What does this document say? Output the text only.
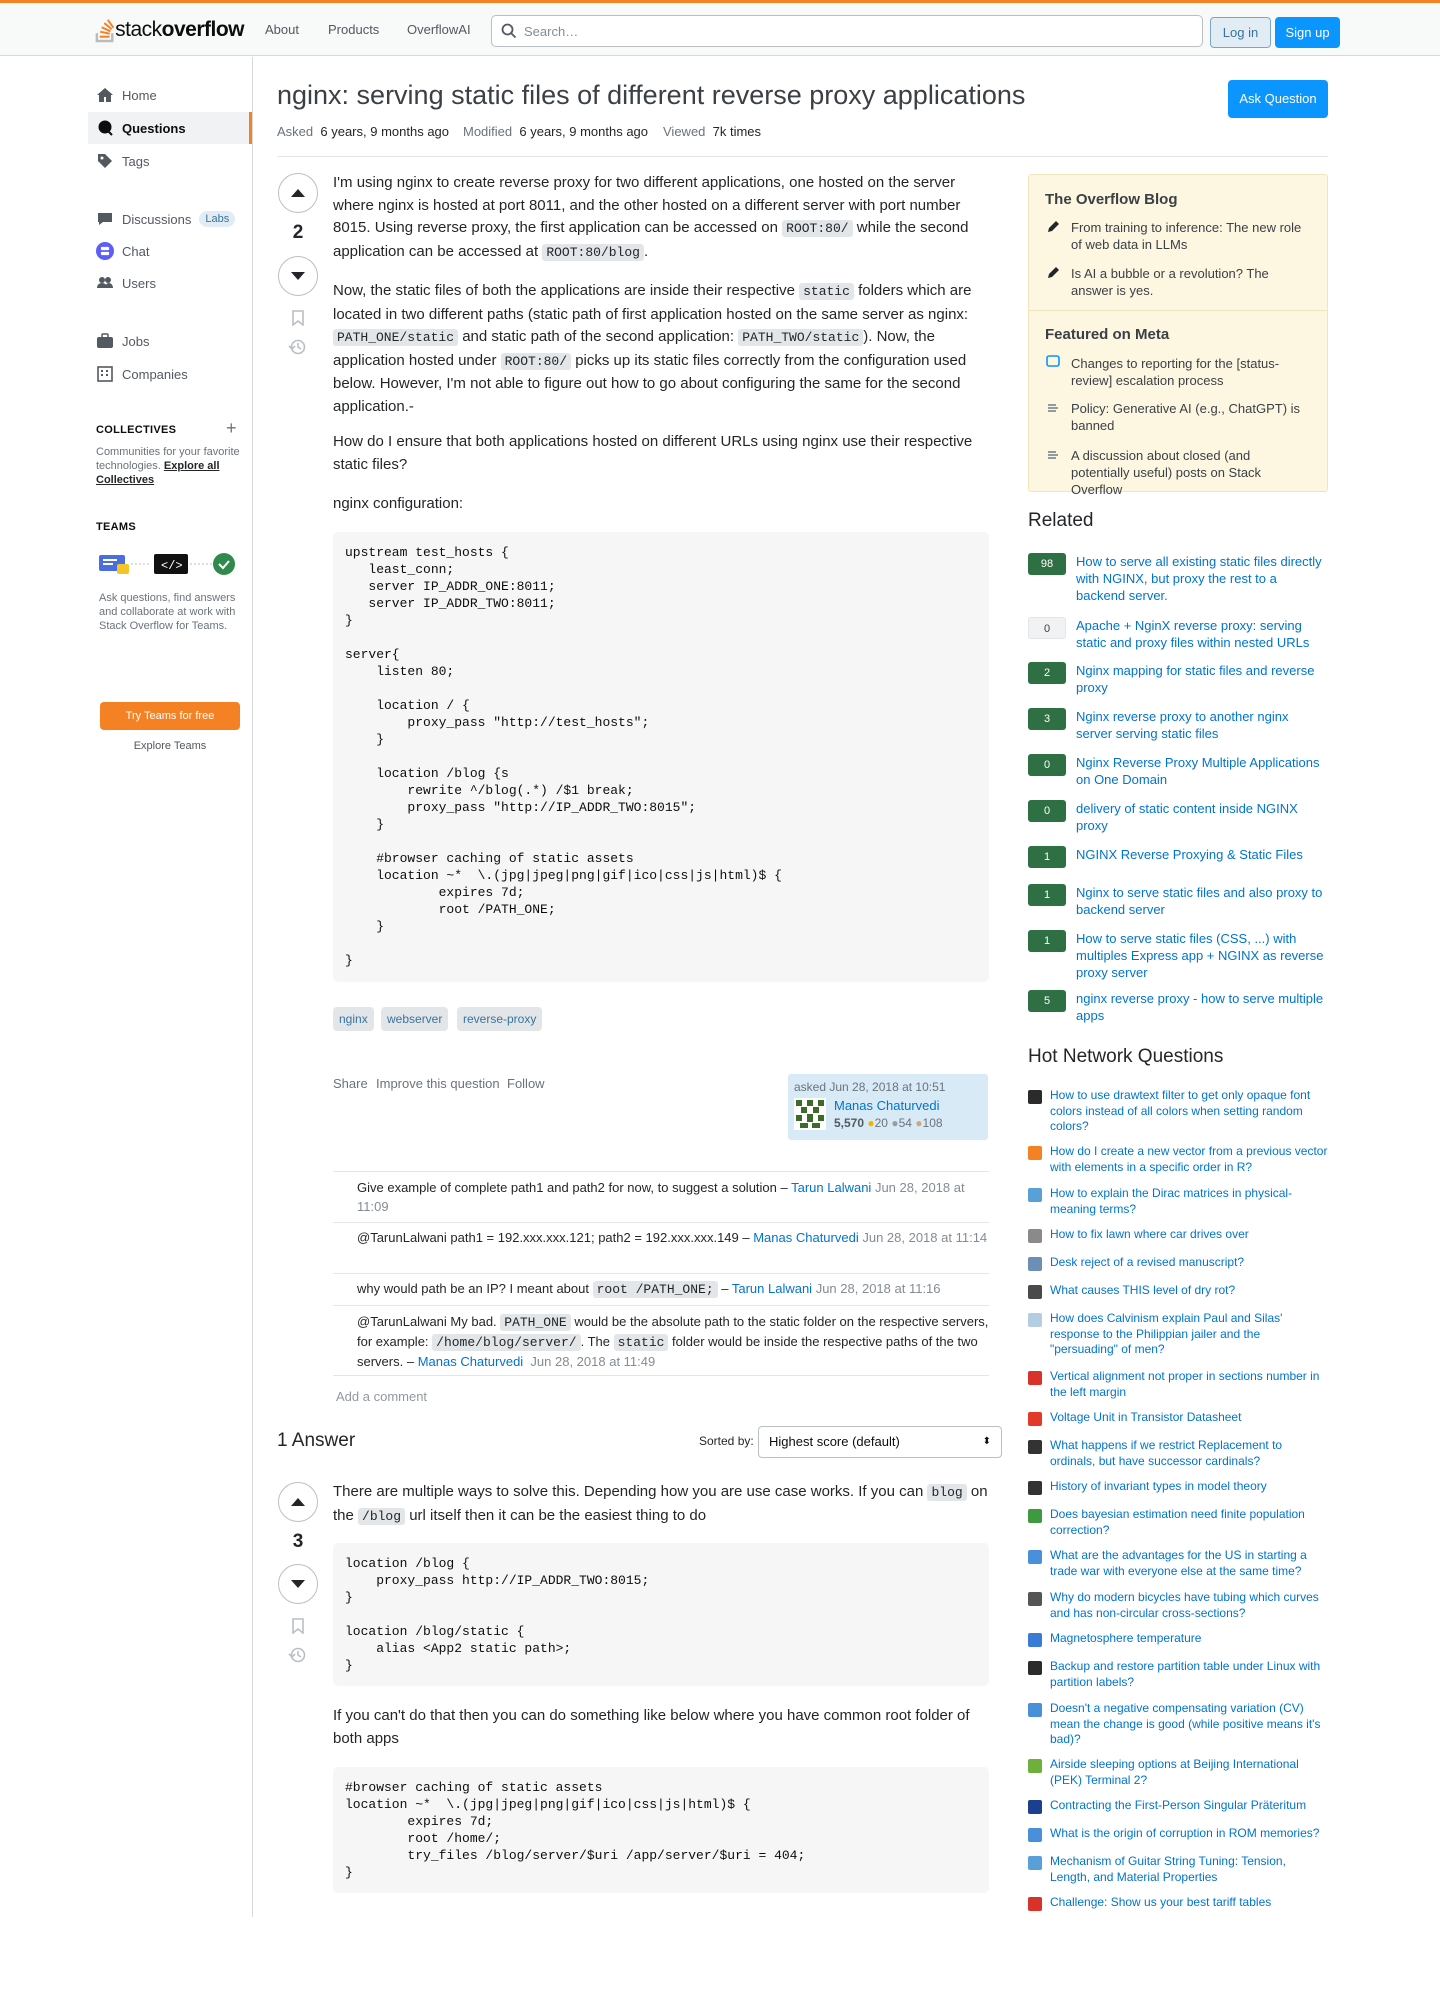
stackoverflow About Products OverflowAI
Search…	Log in	Sign up
Home
Questions
Tags
Discussions	Labs
Chat
Users
Jobs
Companies
COLLECTIVES	+
Communities for your favorite technologies. Explore all Collectives
TEAMS
</>
Ask questions, find answers and collaborate at work with Stack Overflow for Teams.
Try Teams for free
Explore Teams
nginx: serving static files of different reverse proxy applications	Ask Question
Asked 6 years, 9 months ago Modified 6 years, 9 months ago Viewed 7k times
2

I'm using nginx to create reverse proxy for two different applications, one hosted on the server where nginx is hosted at port 8011, and the other hosted on a different server with port number 8015. Using reverse proxy, the first application can be accessed on ROOT:80/ while the second application can be accessed at ROOT:80/blog .

Now, the static files of both the applications are inside their respective static folders which are located in two different paths (static path of first application hosted on the same server as nginx: PATH_ONE/static and static path of the second application: PATH_TWO/static ). Now, the application hosted under ROOT:80/ picks up its static files correctly from the configuration used below. However, I'm not able to figure out how to go about configuring the same for the second application.-

How do I ensure that both applications hosted on different URLs using nginx use their respective static files?

nginx configuration:

upstream test_hosts {
least_conn;
server IP_ADDR_ONE:8011;
server IP_ADDR_TWO:8011;
}

server{
listen 80;

location / {
proxy_pass "http://test_hosts";
}

location /blog {s
rewrite ^/blog(.*) /$1 break;
proxy_pass "http://IP_ADDR_TWO:8015";
}

#browser caching of static assets
location ~*  \.(jpg|jpeg|png|gif|ico|css|js|html)$ {
expires 7d;
root /PATH_ONE;
}

}
nginx	webserver	reverse-proxy
Share Improve this question Follow	asked Jun 28, 2018 at 10:51
Manas Chaturvedi
5,570 ●20 ●54 ●108
Give example of complete path1 and path2 for now, to suggest a solution – Tarun Lalwani Jun 28, 2018 at 11:09
@TarunLalwani path1 = 192.xxx.xxx.121; path2 = 192.xxx.xxx.149 – Manas Chaturvedi Jun 28, 2018 at 11:14
why would path be an IP? I meant about root /PATH_ONE; – Tarun Lalwani Jun 28, 2018 at 11:16
@TarunLalwani My bad. PATH_ONE would be the absolute path to the static folder on the respective servers, for example: /home/blog/server/ . The static folder would be inside the respective paths of the two servers. – Manas Chaturvedi Jun 28, 2018 at 11:49
Add a comment
1 Answer	Sorted by:	Highest score (default)	⬍
3

There are multiple ways to solve this. Depending how you are use case works. If you can blog on the /blog url itself then it can be the easiest thing to do

If you can't do that then you can do something like below where you have common root folder of both apps

location /blog {
proxy_pass http://IP_ADDR_TWO:8015;
}

location /blog/static {
alias <App2 static path>;
}
#browser caching of static assets
location ~*  \.(jpg|jpeg|png|gif|ico|css|js|html)$ {
expires 7d;
root /home/;
try_files /blog/server/$uri /app/server/$uri = 404;
}
The Overflow Blog
From training to inference: The new role of web data in LLMs
Is AI a bubble or a revolution? The answer is yes.
Featured on Meta
Changes to reporting for the [status-review] escalation process
Policy: Generative AI (e.g., ChatGPT) is banned
A discussion about closed (and potentially useful) posts on Stack Overflow
Related
98	How to serve all existing static files directly with NGINX, but proxy the rest to a backend server.
0	Apache + NginX reverse proxy: serving static and proxy files within nested URLs
2	Nginx mapping for static files and reverse proxy
3	Nginx reverse proxy to another nginx server serving static files
0	Nginx Reverse Proxy Multiple Applications on One Domain
0	delivery of static content inside NGINX proxy
1	NGINX Reverse Proxying & Static Files
1	Nginx to serve static files and also proxy to backend server
1	How to serve static files (CSS, ...) with multiples Express app + NGINX as reverse proxy server
5	nginx reverse proxy - how to serve multiple apps
Hot Network Questions
How to use drawtext filter to get only opaque font colors instead of all colors when setting random colors?
How do I create a new vector from a previous vector with elements in a specific order in R?
How to explain the Dirac matrices in physical-meaning terms?
How to fix lawn where car drives over
Desk reject of a revised manuscript?
What causes THIS level of dry rot?
How does Calvinism explain Paul and Silas' response to the Philippian jailer and the "persuading" of men?
Vertical alignment not proper in sections number in the left margin
Voltage Unit in Transistor Datasheet
What happens if we restrict Replacement to ordinals, but have successor cardinals?
History of invariant types in model theory
Does bayesian estimation need finite population correction?
What are the advantages for the US in starting a trade war with everyone else at the same time?
Why do modern bicycles have tubing which curves and has non-circular cross-sections?
Magnetosphere temperature
Backup and restore partition table under Linux with partition labels?
Doesn't a negative compensating variation (CV) mean the change is good (while positive means it's bad)?
Airside sleeping options at Beijing International (PEK) Terminal 2?
Contracting the First-Person Singular Präteritum
What is the origin of corruption in ROM memories?
Mechanism of Guitar String Tuning: Tension, Length, and Material Properties
Challenge: Show us your best tariff tables
